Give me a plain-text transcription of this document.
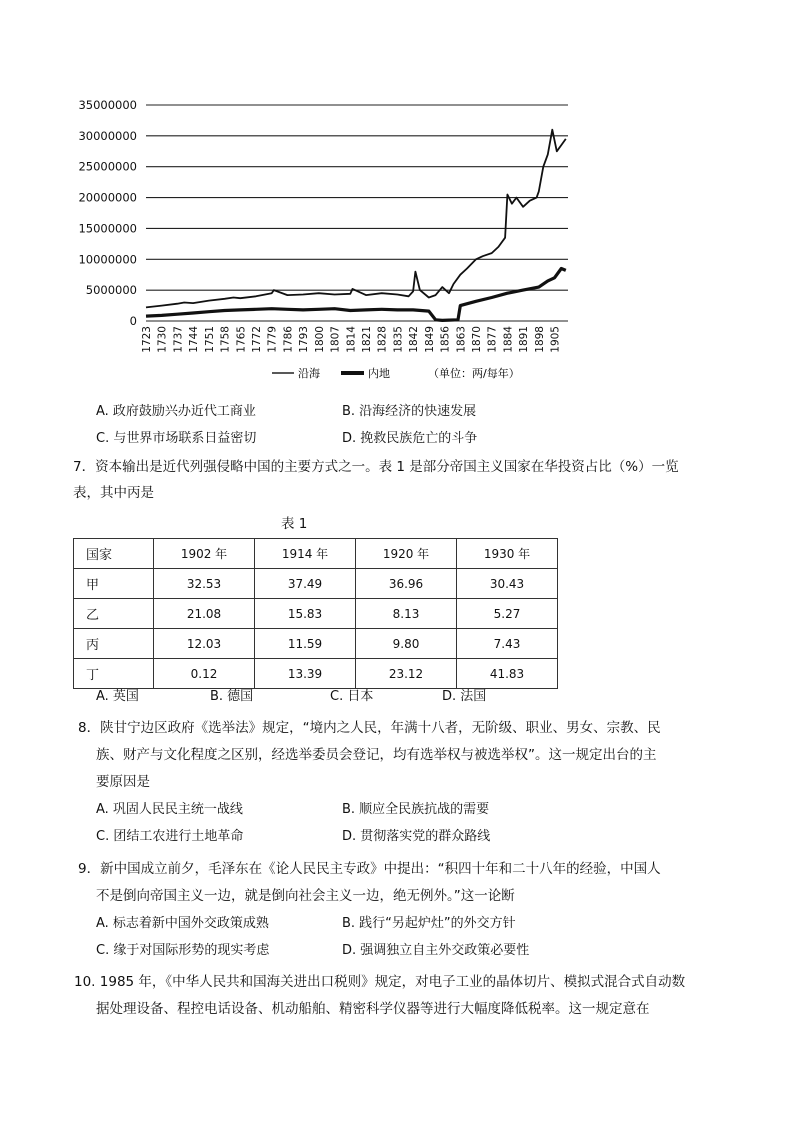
35000000
30000000
25000000
20000000
15000000
10000000
5000000
0
1723 1730 1737 1744 1751 1758 1765 1772 1779 1786 1793 1800 1807 1814 1821 1828 1835 1842 1849 1856 1863 1870 1877 1884 1891 1898 1905
沿海	内地	（单位：两/每年）
A. 政府鼓励兴办近代工商业	B. 沿海经济的快速发展
C. 与世界市场联系日益密切	D. 挽救民族危亡的斗争
7．资本输出是近代列强侵略中国的主要方式之一。表 1 是部分帝国主义国家在华投资占比（%）一览
表，其中丙是
表 1
国家	1902 年	1914 年	1920 年	1930 年
甲	32.53	37.49	36.96	30.43
乙	21.08	15.83	8.13	5.27
丙	12.03	11.59	9.80	7.43
丁	0.12	13.39	23.12	41.83
A. 英国	B. 德国	C. 日本	D. 法国
8．陕甘宁边区政府《选举法》规定，“境内之人民，年满十八者，无阶级、职业、男女、宗教、民
族、财产与文化程度之区别，经选举委员会登记，均有选举权与被选举权”。这一规定出台的主
要原因是
A. 巩固人民民主统一战线	B. 顺应全民族抗战的需要
C. 团结工农进行土地革命	D. 贯彻落实党的群众路线
9．新中国成立前夕，毛泽东在《论人民民主专政》中提出：“积四十年和二十八年的经验，中国人
不是倒向帝国主义一边，就是倒向社会主义一边，绝无例外。”这一论断
A. 标志着新中国外交政策成熟	B. 践行“另起炉灶”的外交方针
C. 缘于对国际形势的现实考虑	D. 强调独立自主外交政策必要性
10. 1985 年，《中华人民共和国海关进出口税则》规定，对电子工业的晶体切片、模拟式混合式自动数
据处理设备、程控电话设备、机动船舶、精密科学仪器等进行大幅度降低税率。这一规定意在
